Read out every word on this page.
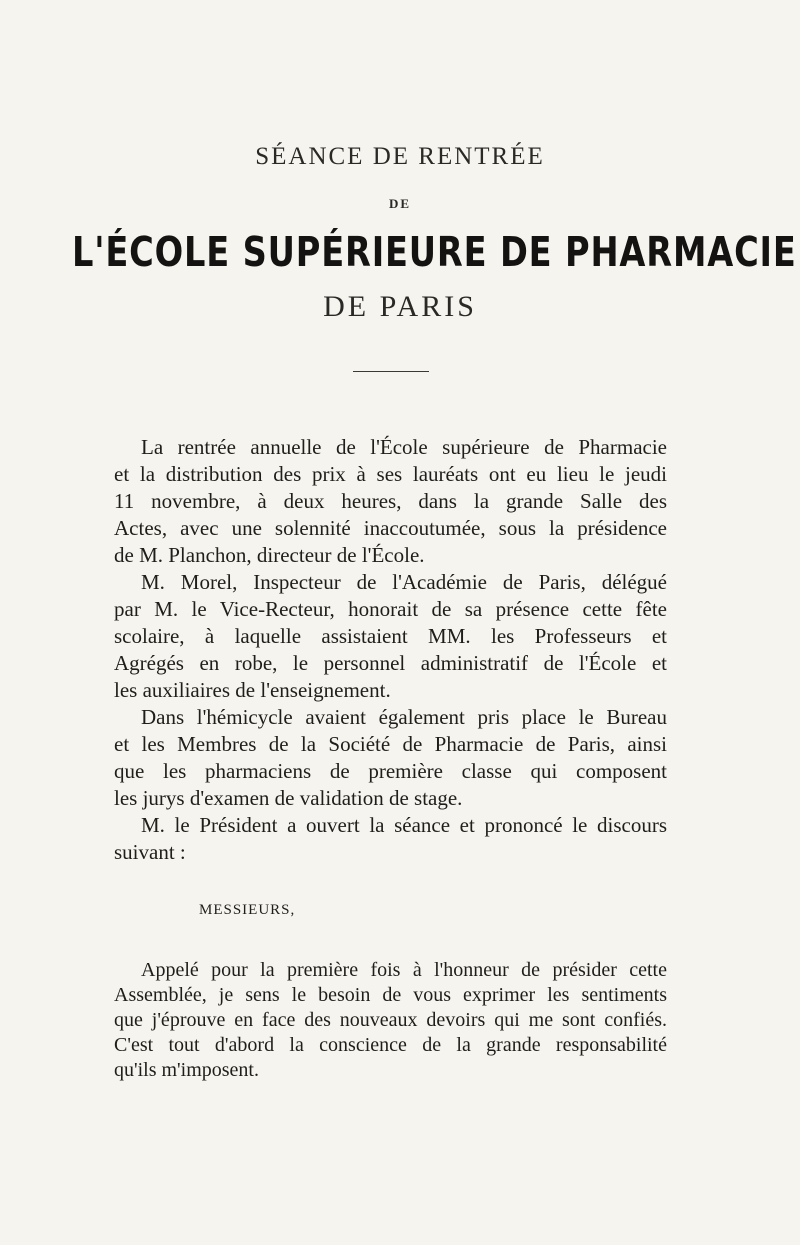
SÉANCE DE RENTRÉE
DE
L'ÉCOLE SUPÉRIEURE DE PHARMACIE
DE PARIS
La rentrée annuelle de l'École supérieure de Pharmacie
et la distribution des prix à ses lauréats ont eu lieu le jeudi
11 novembre, à deux heures, dans la grande Salle des
Actes, avec une solennité inaccoutumée, sous la présidence
de M. Planchon, directeur de l'École.
M. Morel, Inspecteur de l'Académie de Paris, délégué
par M. le Vice-Recteur, honorait de sa présence cette fête
scolaire, à laquelle assistaient MM. les Professeurs et
Agrégés en robe, le personnel administratif de l'École et
les auxiliaires de l'enseignement.
Dans l'hémicycle avaient également pris place le Bureau
et les Membres de la Société de Pharmacie de Paris, ainsi
que les pharmaciens de première classe qui composent
les jurys d'examen de validation de stage.
M. le Président a ouvert la séance et prononcé le discours
suivant :
MESSIEURS,
Appelé pour la première fois à l'honneur de présider cette
Assemblée, je sens le besoin de vous exprimer les sentiments
que j'éprouve en face des nouveaux devoirs qui me sont confiés.
C'est tout d'abord la conscience de la grande responsabilité
qu'ils m'imposent.
